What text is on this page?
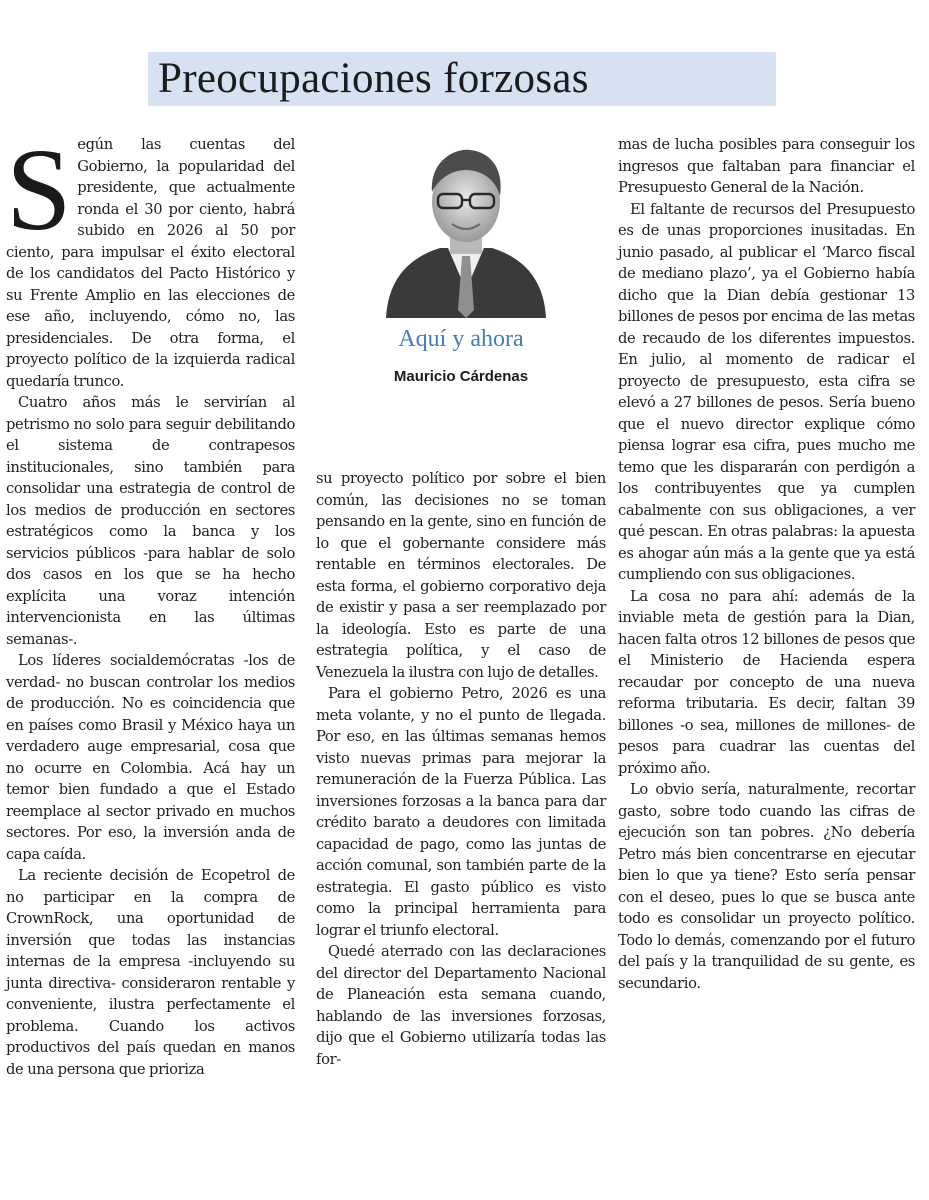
Preocupaciones forzosas

Según las cuentas del Gobierno, la popularidad del presidente, que actualmente ronda el 30 por ciento, habrá subido en 2026 al 50 por ciento, para impulsar el éxito electoral de los candidatos del Pacto Histórico y su Frente Amplio en las elecciones de ese año, incluyendo, cómo no, las presidenciales. De otra forma, el proyecto político de la izquierda radical quedaría trunco.

Cuatro años más le servirían al petrismo no solo para seguir debilitando el sistema de contrapesos institucionales, sino también para consolidar una estrategia de control de los medios de producción en sectores estratégicos como la banca y los servicios públicos -para hablar de solo dos casos en los que se ha hecho explícita una voraz intención intervencionista en las últimas semanas-.

Los líderes socialdemócratas -los de verdad- no buscan controlar los medios de producción. No es coincidencia que en países como Brasil y México haya un verdadero auge empresarial, cosa que no ocurre en Colombia. Acá hay un temor bien fundado a que el Estado reemplace al sector privado en muchos sectores. Por eso, la inversión anda de capa caída.

La reciente decisión de Ecopetrol de no participar en la compra de CrownRock, una oportunidad de inversión que todas las instancias internas de la empresa -incluyendo su junta directiva- consideraron rentable y conveniente, ilustra perfectamente el problema. Cuando los activos productivos del país quedan en manos de una persona que prioriza

Aquí y ahora
Mauricio Cárdenas

su proyecto político por sobre el bien común, las decisiones no se toman pensando en la gente, sino en función de lo que el gobernante considere más rentable en términos electorales. De esta forma, el gobierno corporativo deja de existir y pasa a ser reemplazado por la ideología. Esto es parte de una estrategia política, y el caso de Venezuela la ilustra con lujo de detalles.

Para el gobierno Petro, 2026 es una meta volante, y no el punto de llegada. Por eso, en las últimas semanas hemos visto nuevas primas para mejorar la remuneración de la Fuerza Pública. Las inversiones forzosas a la banca para dar crédito barato a deudores con limitada capacidad de pago, como las juntas de acción comunal, son también parte de la estrategia. El gasto público es visto como la principal herramienta para lograr el triunfo electoral.

Quedé aterrado con las declaraciones del director del Departamento Nacional de Planeación esta semana cuando, hablando de las inversiones forzosas, dijo que el Gobierno utilizaría todas las for-

mas de lucha posibles para conseguir los ingresos que faltaban para financiar el Presupuesto General de la Nación.

El faltante de recursos del Presupuesto es de unas proporciones inusitadas. En junio pasado, al publicar el ‘Marco fiscal de mediano plazo’, ya el Gobierno había dicho que la Dian debía gestionar 13 billones de pesos por encima de las metas de recaudo de los diferentes impuestos. En julio, al momento de radicar el proyecto de presupuesto, esta cifra se elevó a 27 billones de pesos. Sería bueno que el nuevo director explique cómo piensa lograr esa cifra, pues mucho me temo que les dispararán con perdigón a los contribuyentes que ya cumplen cabalmente con sus obligaciones, a ver qué pescan. En otras palabras: la apuesta es ahogar aún más a la gente que ya está cumpliendo con sus obligaciones.

La cosa no para ahí: además de la inviable meta de gestión para la Dian, hacen falta otros 12 billones de pesos que el Ministerio de Hacienda espera recaudar por concepto de una nueva reforma tributaria. Es decir, faltan 39 billones -o sea, millones de millones- de pesos para cuadrar las cuentas del próximo año.

Lo obvio sería, naturalmente, recortar gasto, sobre todo cuando las cifras de ejecución son tan pobres. ¿No debería Petro más bien concentrarse en ejecutar bien lo que ya tiene? Esto sería pensar con el deseo, pues lo que se busca ante todo es consolidar un proyecto político. Todo lo demás, comenzando por el futuro del país y la tranquilidad de su gente, es secundario.
